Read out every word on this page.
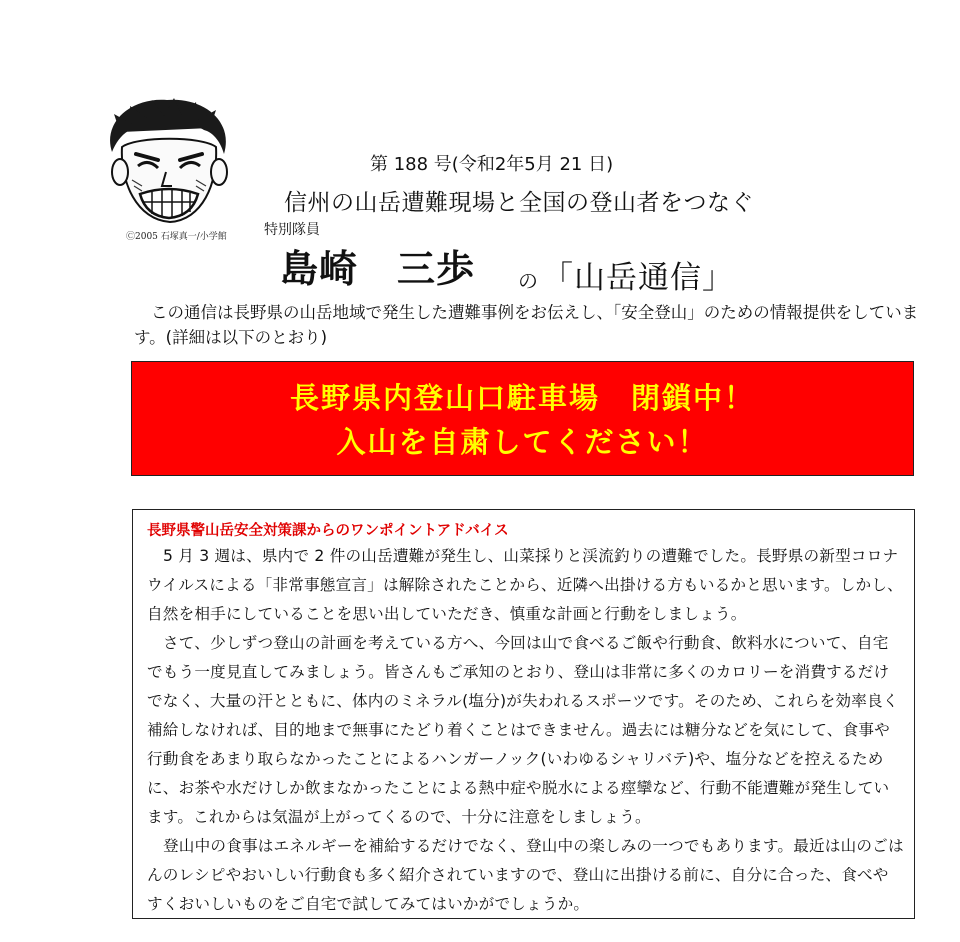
Ⓒ2005 石塚真一/小学館
第 188 号(令和2年5月 21 日)
信州の山岳遭難現場と全国の登山者をつなぐ
特別隊員
島崎　三歩 の 「山岳通信」

この通信は長野県の山岳地域で発生した遭難事例をお伝えし、「安全登山」のための情報提供をしています。(詳細は以下のとおり)

長野県内登山口駐車場　閉鎖中！
入山を自粛してください！
長野県警山岳安全対策課からのワンポイントアドバイス

5 月 3 週は、県内で 2 件の山岳遭難が発生し、山菜採りと渓流釣りの遭難でした。長野県の新型コロナウイルスによる「非常事態宣言」は解除されたことから、近隣へ出掛ける方もいるかと思います。しかし、自然を相手にしていることを思い出していただき、慎重な計画と行動をしましょう。

さて、少しずつ登山の計画を考えている方へ、今回は山で食べるご飯や行動食、飲料水について、自宅でもう一度見直してみましょう。皆さんもご承知のとおり、登山は非常に多くのカロリーを消費するだけでなく、大量の汗とともに、体内のミネラル(塩分)が失われるスポーツです。そのため、これらを効率良く補給しなければ、目的地まで無事にたどり着くことはできません。過去には糖分などを気にして、食事や行動食をあまり取らなかったことによるハンガーノック(いわゆるシャリバテ)や、塩分などを控えるために、お茶や水だけしか飲まなかったことによる熱中症や脱水による痙攣など、行動不能遭難が発生しています。これからは気温が上がってくるので、十分に注意をしましょう。

登山中の食事はエネルギーを補給するだけでなく、登山中の楽しみの一つでもあります。最近は山のごはんのレシピやおいしい行動食も多く紹介されていますので、登山に出掛ける前に、自分に合った、食べやすくおいしいものをご自宅で試してみてはいかがでしょうか。
